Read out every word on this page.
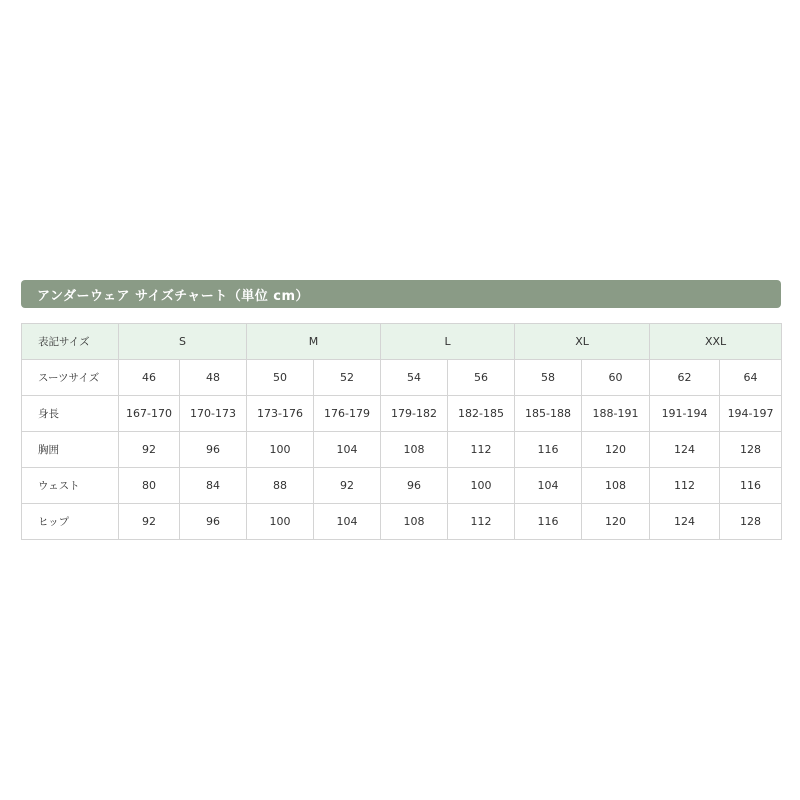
アンダーウェア サイズチャート（単位 cm）
表記サイズ	S		M		L		XL		XXL	
スーツサイズ	46	48	50	52	54	56	58	60	62	64
身長	167-170	170-173	173-176	176-179	179-182	182-185	185-188	188-191	191-194	194-197
胸囲	92	96	100	104	108	112	116	120	124	128
ウェスト	80	84	88	92	96	100	104	108	112	116
ヒップ	92	96	100	104	108	112	116	120	124	128
